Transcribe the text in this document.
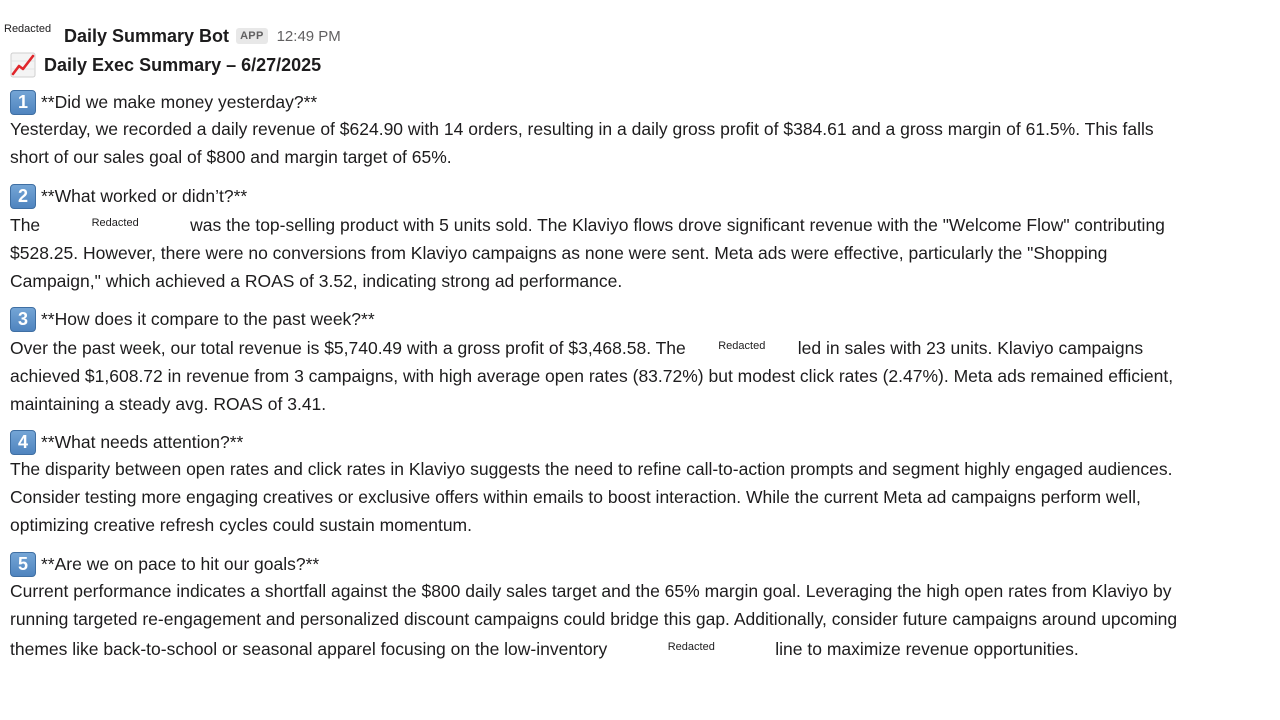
Redacted Daily Summary Bot	APP 12:49 PM
Daily Exec Summary – 6/27/2025
1 **Did we make money yesterday?**

Yesterday, we recorded a daily revenue of $624.90 with 14 orders, resulting in a daily gross profit of $384.61 and a gross margin of 61.5%. This falls

short of our sales goal of $800 and margin target of 65%.

2 **What worked or didn’t?**

The	Redacted	was the top-selling product with 5 units sold. The Klaviyo flows drove significant revenue with the "Welcome Flow" contributing

$528.25. However, there were no conversions from Klaviyo campaigns as none were sent. Meta ads were effective, particularly the "Shopping

Campaign," which achieved a ROAS of 3.52, indicating strong ad performance.

3 **How does it compare to the past week?**

Over the past week, our total revenue is $5,740.49 with a gross profit of $3,468.58. The	Redacted led in sales with 23 units. Klaviyo campaigns

achieved $1,608.72 in revenue from 3 campaigns, with high average open rates (83.72%) but modest click rates (2.47%). Meta ads remained efficient,

maintaining a steady avg. ROAS of 3.41.

4 **What needs attention?**

The disparity between open rates and click rates in Klaviyo suggests the need to refine call-to-action prompts and segment highly engaged audiences.

Consider testing more engaging creatives or exclusive offers within emails to boost interaction. While the current Meta ad campaigns perform well,

optimizing creative refresh cycles could sustain momentum.

5 **Are we on pace to hit our goals?**

Current performance indicates a shortfall against the $800 daily sales target and the 65% margin goal. Leveraging the high open rates from Klaviyo by

running targeted re-engagement and personalized discount campaigns could bridge this gap. Additionally, consider future campaigns around upcoming

themes like back-to-school or seasonal apparel focusing on the low-inventory	Redacted	line to maximize revenue opportunities.
